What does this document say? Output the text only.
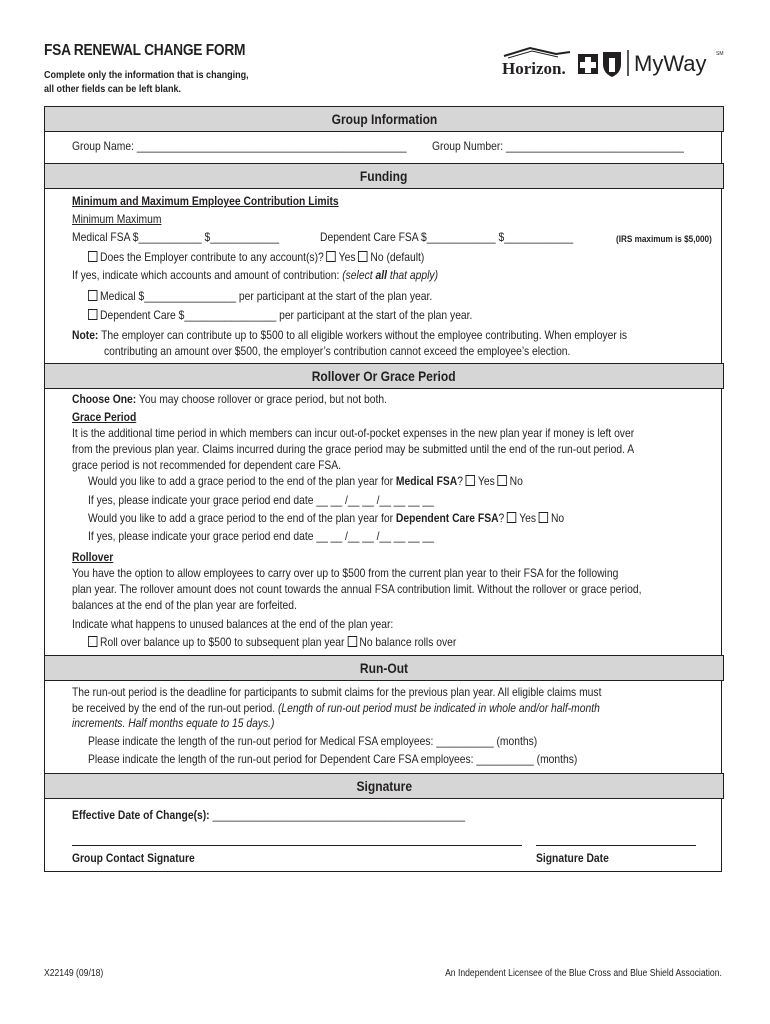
FSA RENEWAL CHANGE FORM
Complete only the information that is changing,
all other fields can be left blank.
Horizon.	MyWay SM
Group Information
Group Name: _______________________________________________ Group Number: _______________________________
Funding
Minimum and Maximum Employee Contribution Limits
Minimum Maximum
Medical FSA $___________ $____________	Dependent Care FSA $____________ $____________	(IRS maximum is $5,000)
Does the Employer contribute to any account(s)? Yes No (default)
If yes, indicate which accounts and amount of contribution: (select all that apply)
Medical $________________ per participant at the start of the plan year.
Dependent Care $________________ per participant at the start of the plan year.
Note: The employer can contribute up to $500 to all eligible workers without the employee contributing. When employer is
contributing an amount over $500, the employer’s contribution cannot exceed the employee’s election.
Rollover Or Grace Period
Choose One: You may choose rollover or grace period, but not both.
Grace Period
It is the additional time period in which members can incur out-of-pocket expenses in the new plan year if money is left over
from the previous plan year. Claims incurred during the grace period may be submitted until the end of the run-out period. A
grace period is not recommended for dependent care FSA.
Would you like to add a grace period to the end of the plan year for Medical FSA? Yes No
If yes, please indicate your grace period end date __ __ /__ __ /__ __ __ __
Would you like to add a grace period to the end of the plan year for Dependent Care FSA? Yes No
If yes, please indicate your grace period end date __ __ /__ __ /__ __ __ __
Rollover
You have the option to allow employees to carry over up to $500 from the current plan year to their FSA for the following
plan year. The rollover amount does not count towards the annual FSA contribution limit. Without the rollover or grace period,
balances at the end of the plan year are forfeited.
Indicate what happens to unused balances at the end of the plan year:
Roll over balance up to $500 to subsequent plan year No balance rolls over
Run-Out
The run-out period is the deadline for participants to submit claims for the previous plan year. All eligible claims must
be received by the end of the run-out period. (Length of run-out period must be indicated in whole and/or half-month
increments. Half months equate to 15 days.)
Please indicate the length of the run-out period for Medical FSA employees: __________ (months)
Please indicate the length of the run-out period for Dependent Care FSA employees: __________ (months)
Signature
Effective Date of Change(s): ____________________________________________
Group Contact Signature	Signature Date
X22149 (09/18)	An Independent Licensee of the Blue Cross and Blue Shield Association.
